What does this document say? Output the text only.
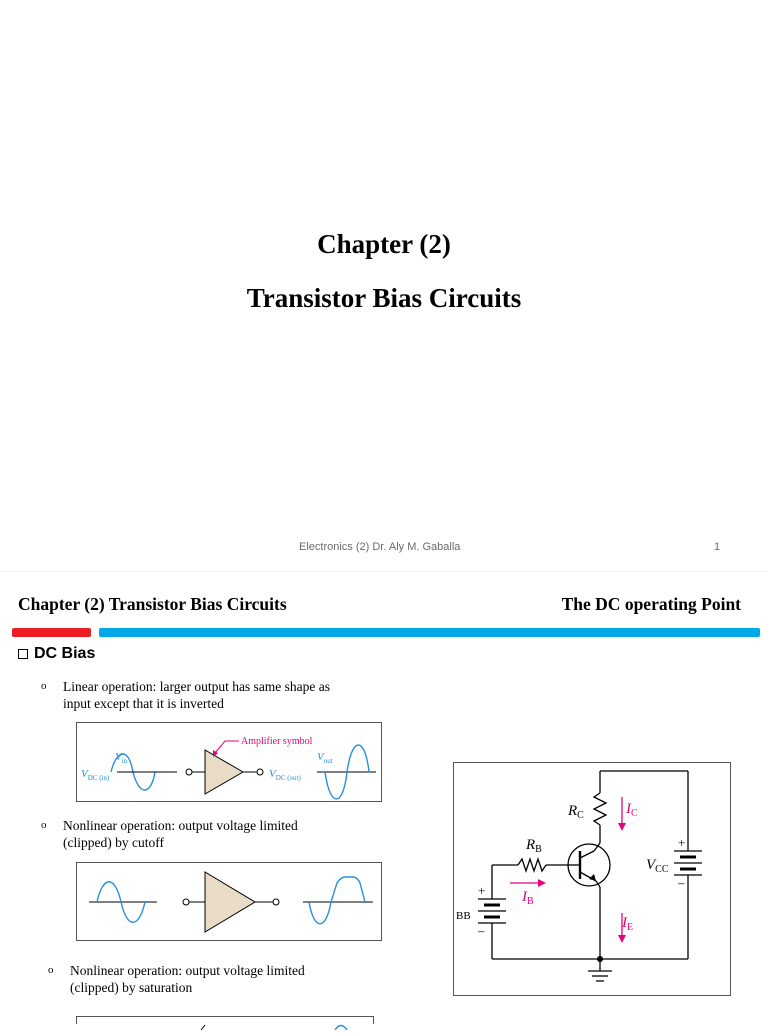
Chapter (2)
Transistor Bias Circuits
Electronics (2) Dr. Aly M. Gaballa	1
Chapter (2) Transistor Bias Circuits	The DC operating Point
DC Bias
o Linear operation: larger output has same shape as
input except that it is inverted
Amplifier symbol
$V_{in}$
$V_{DC (in)}$
$V_{out}$
$V_{DC (out)}$
o Nonlinear operation: output voltage limited
(clipped) by cutoff
o Nonlinear operation: output voltage limited
(clipped) by saturation
$R_C$	$I_C$
$R_B$
$I_B$
$I_E$
$V_{CC}$
BB
+
–
+
–
